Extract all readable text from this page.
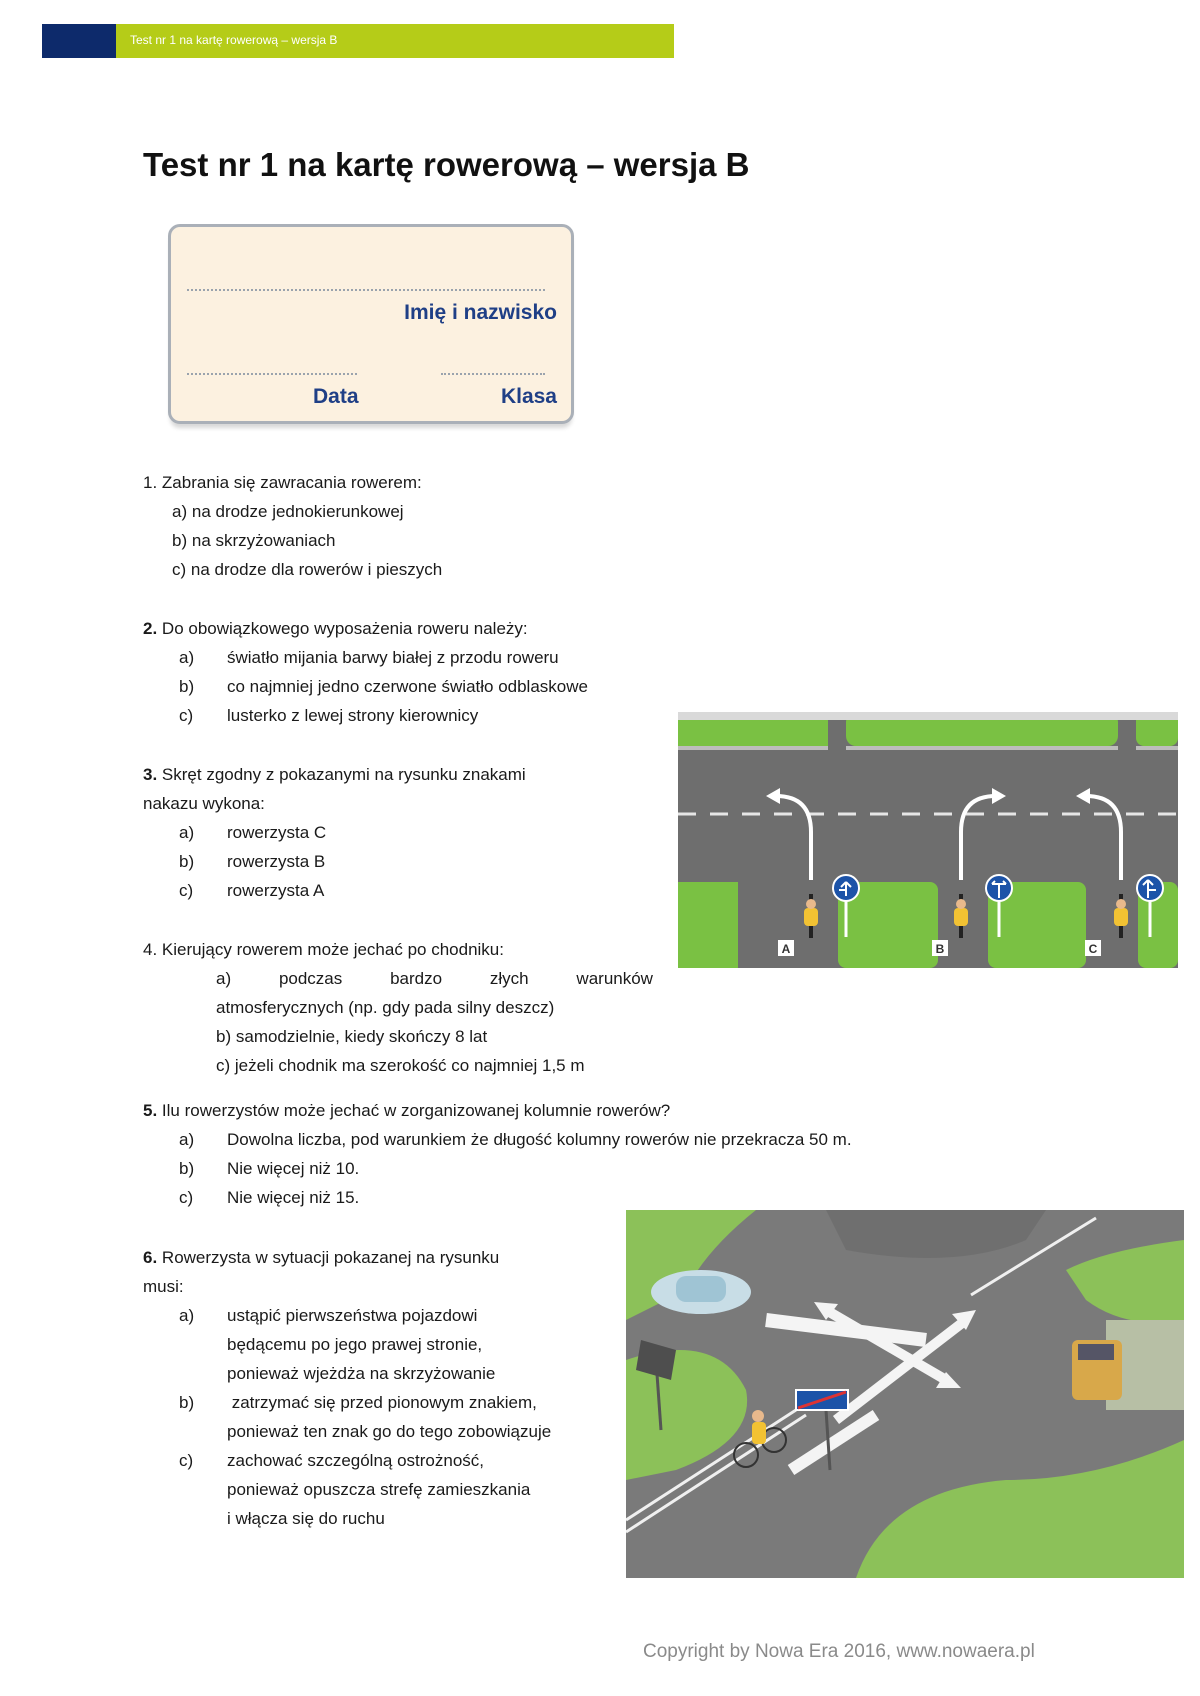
Test nr 1 na kartę rowerową – wersja B
Test nr 1 na kartę rowerową – wersja B
Imię i nazwisko
Data	Klasa
1. Zabrania się zawracania rowerem:
a) na drodze jednokierunkowej
b) na skrzyżowaniach
c) na drodze dla rowerów i pieszych
2. Do obowiązkowego wyposażenia roweru należy:
a) światło mijania barwy białej z przodu roweru
b) co najmniej jedno czerwone światło odblaskowe
c) lusterko z lewej strony kierownicy
3. Skręt zgodny z pokazanymi na rysunku znakami
nakazu wykona:
a) rowerzysta C
b) rowerzysta B
c) rowerzysta A
4. Kierujący rowerem może jechać po chodniku:
a)	podczas	bardzo	złych	warunków
atmosferycznych (np. gdy pada silny deszcz)
b) samodzielnie, kiedy skończy 8 lat
c) jeżeli chodnik ma szerokość co najmniej 1,5 m
5. Ilu rowerzystów może jechać w zorganizowanej kolumnie rowerów?
a) Dowolna liczba, pod warunkiem że długość kolumny rowerów nie przekracza 50 m.
b) Nie więcej niż 10.
c) Nie więcej niż 15.
6. Rowerzysta w sytuacji pokazanej na rysunku
musi:
a) ustąpić pierwszeństwa pojazdowi
będącemu po jego prawej stronie,
ponieważ wjeżdża na skrzyżowanie
b) zatrzymać się przed pionowym znakiem,
ponieważ ten znak go do tego zobowiązuje
c) zachować szczególną ostrożność,
ponieważ opuszcza strefę zamieszkania
i włącza się do ruchu
A	B	C
Copyright by Nowa Era 2016, www.nowaera.pl
